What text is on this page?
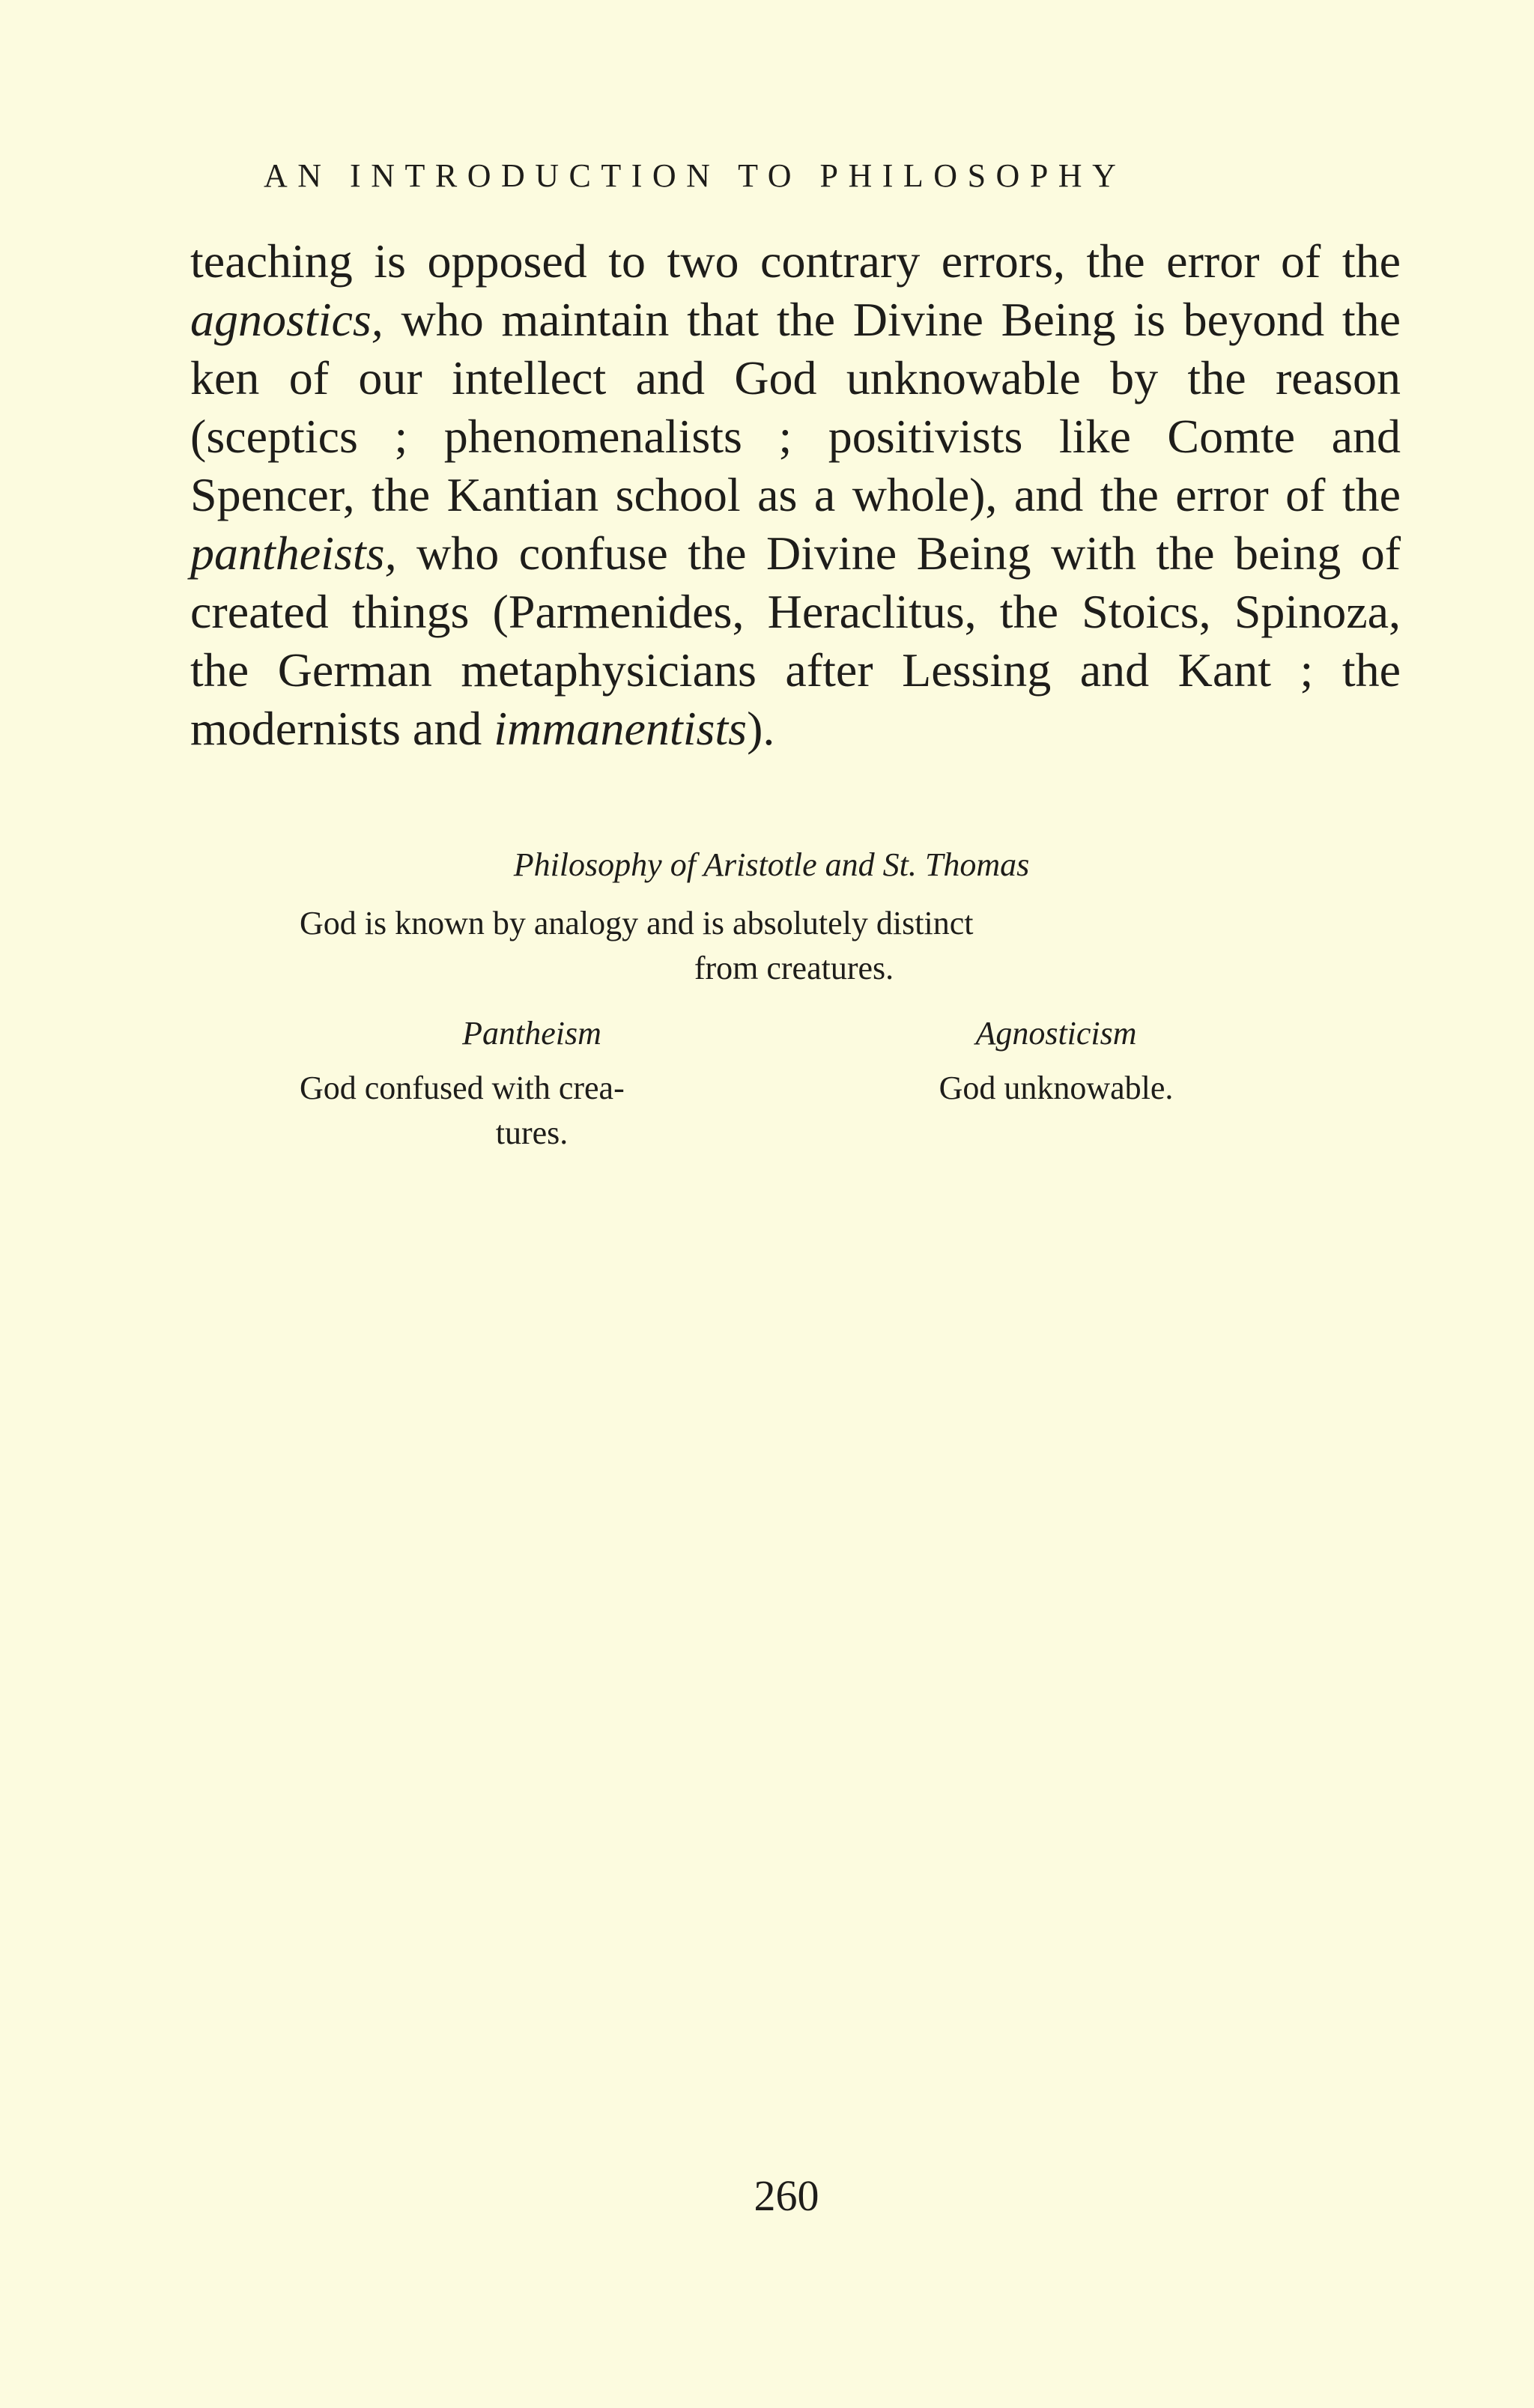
AN INTRODUCTION TO PHILOSOPHY
teaching is opposed to two contrary errors, the error of the agnostics, who maintain that the Divine Being is beyond the ken of our intellect and God unknowable by the reason (sceptics ; phenomenalists ; positivists like Comte and Spencer, the Kantian school as a whole), and the error of the pantheists, who confuse the Divine Being with the being of created things (Parmenides, Heraclitus, the Stoics, Spinoza, the German metaphysicians after Lessing and Kant ; the modernists and immanentists).
Philosophy of Aristotle and St. Thomas
God is known by analogy and is absolutely distinct
from creatures.
Pantheism
God confused with crea-
tures.
Agnosticism
God unknowable.
260
